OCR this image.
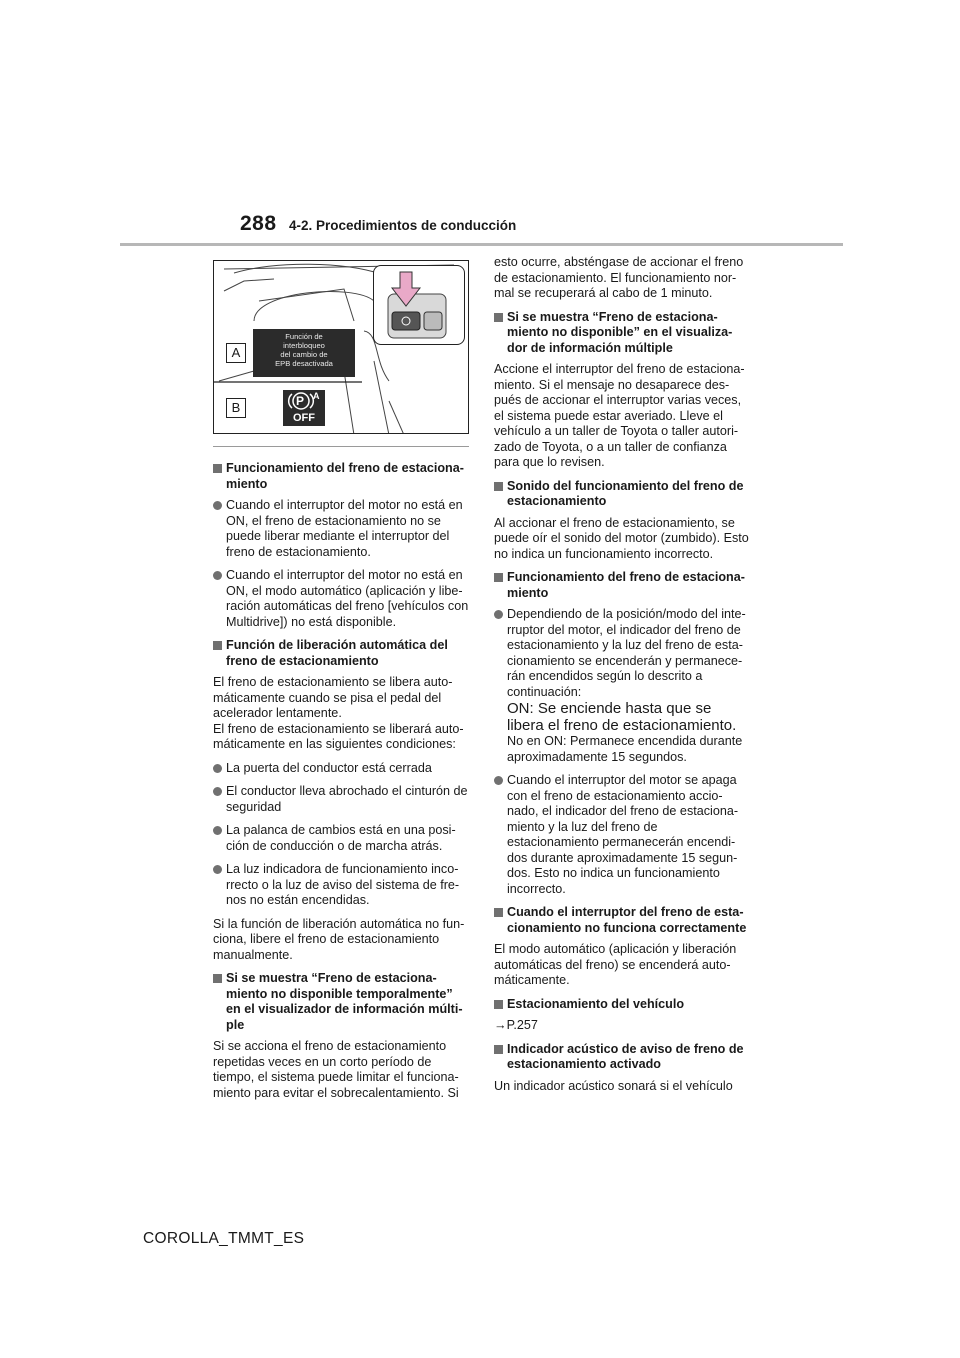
288 4-2. Procedimientos de conducción
A
B
Función de
interbloqueo
del cambio de
EPB desactivada
P A
OFF
Funcionamiento del freno de estaciona-miento
Cuando el interruptor del motor no está en ON, el freno de estacionamiento no se puede liberar mediante el interruptor del freno de estacionamiento.
Cuando el interruptor del motor no está en ON, el modo automático (aplicación y libe-ración automáticas del freno [vehículos con Multidrive]) no está disponible.
Función de liberación automática del freno de estacionamiento
El freno de estacionamiento se libera auto-máticamente cuando se pisa el pedal del acelerador lentamente.
El freno de estacionamiento se liberará auto-máticamente en las siguientes condiciones:
La puerta del conductor está cerrada
El conductor lleva abrochado el cinturón de seguridad
La palanca de cambios está en una posi-ción de conducción o de marcha atrás.
La luz indicadora de funcionamiento inco-rrecto o la luz de aviso del sistema de fre-nos no están encendidas.
Si la función de liberación automática no fun-ciona, libere el freno de estacionamiento manualmente.
Si se muestra “Freno de estaciona-miento no disponible temporalmente” en el visualizador de información múlti-ple
Si se acciona el freno de estacionamiento repetidas veces en un corto período de tiempo, el sistema puede limitar el funciona-miento para evitar el sobrecalentamiento. Si
esto ocurre, absténgase de accionar el freno de estacionamiento. El funcionamiento nor-mal se recuperará al cabo de 1 minuto.
Si se muestra “Freno de estaciona-miento no disponible” en el visualiza-dor de información múltiple
Accione el interruptor del freno de estaciona-miento. Si el mensaje no desaparece des-pués de accionar el interruptor varias veces, el sistema puede estar averiado. Lleve el vehículo a un taller de Toyota o taller autori-zado de Toyota, o a un taller de confianza para que lo revisen.
Sonido del funcionamiento del freno de estacionamiento
Al accionar el freno de estacionamiento, se puede oír el sonido del motor (zumbido). Esto no indica un funcionamiento incorrecto.
Funcionamiento del freno de estaciona-miento
Dependiendo de la posición/modo del inte-rruptor del motor, el indicador del freno de estacionamiento y la luz del freno de esta-cionamiento se encenderán y permanece-rán encendidos según lo descrito a continuación:
ON: Se enciende hasta que se libera el freno de estacionamiento.
No en ON: Permanece encendida durante aproximadamente 15 segundos.
Cuando el interruptor del motor se apaga con el freno de estacionamiento accio-nado, el indicador del freno de estaciona-miento y la luz del freno de estacionamiento permanecerán encendi-dos durante aproximadamente 15 segun-dos. Esto no indica un funcionamiento incorrecto.
Cuando el interruptor del freno de esta-cionamiento no funciona correctamente
El modo automático (aplicación y liberación automáticas del freno) se encenderá auto-máticamente.
Estacionamiento del vehículo
→P.257
Indicador acústico de aviso de freno de estacionamiento activado
Un indicador acústico sonará si el vehículo
COROLLA_TMMT_ES
